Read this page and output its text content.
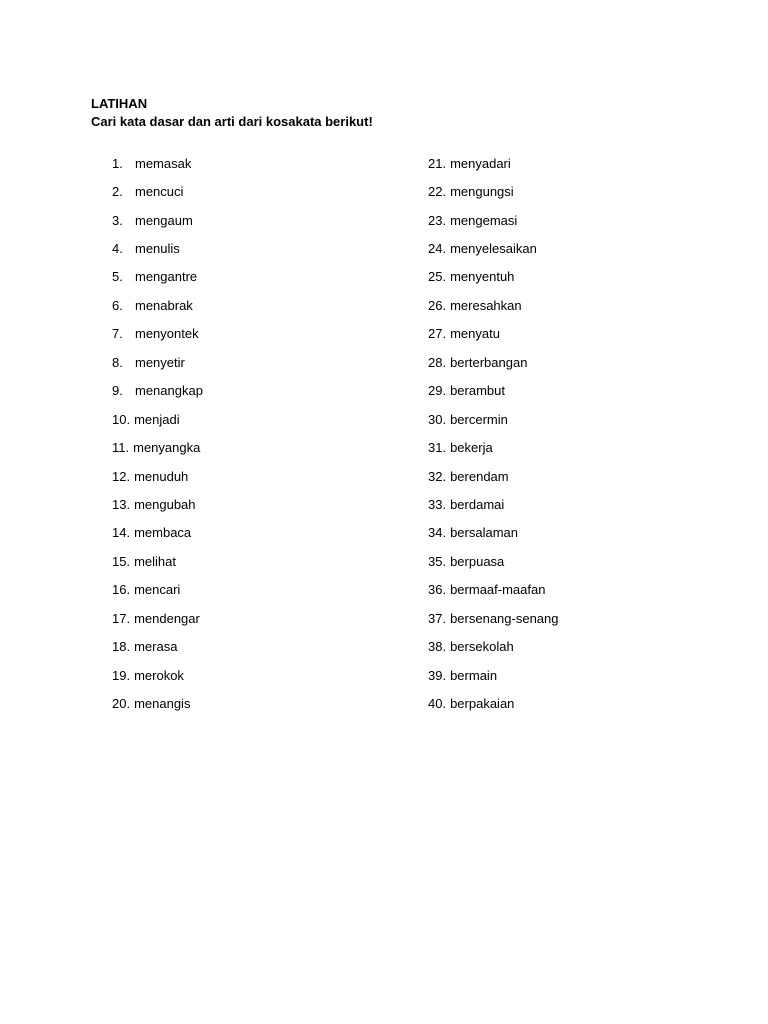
LATIHAN
Cari kata dasar dan arti dari kosakata berikut!
1. memasak
2. mencuci
3. mengaum
4. menulis
5. mengantre
6. menabrak
7. menyontek
8. menyetir
9. menangkap
10. menjadi
11. menyangka
12. menuduh
13. mengubah
14. membaca
15. melihat
16. mencari
17. mendengar
18. merasa
19. merokok
20. menangis
21. menyadari
22. mengungsi
23. mengemasi
24. menyelesaikan
25. menyentuh
26. meresahkan
27. menyatu
28. berterbangan
29. berambut
30. bercermin
31. bekerja
32. berendam
33. berdamai
34. bersalaman
35. berpuasa
36. bermaaf-maafan
37. bersenang-senang
38. bersekolah
39. bermain
40. berpakaian
